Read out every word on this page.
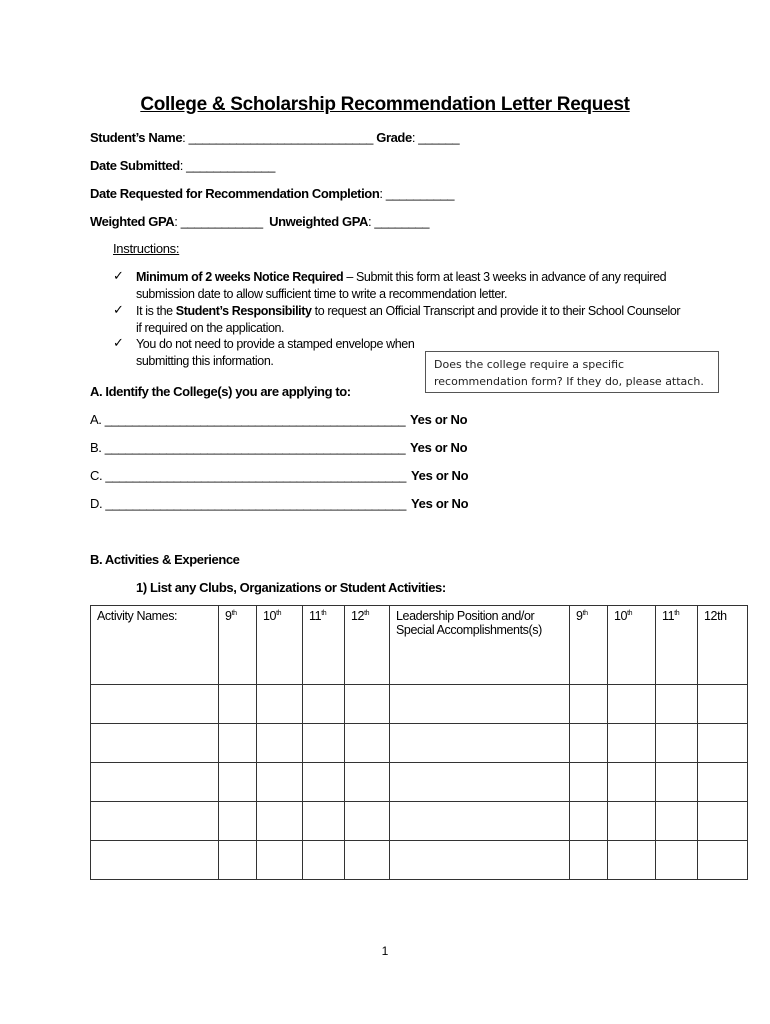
College & Scholarship Recommendation Letter Request
Student’s Name: ___________________________ Grade: ______
Date Submitted: _____________
Date Requested for Recommendation Completion: __________
Weighted GPA: ____________ Unweighted GPA: ________
Instructions:
✓ Minimum of 2 weeks Notice Required – Submit this form at least 3 weeks in advance of any required
submission date to allow sufficient time to write a recommendation letter.
✓ It is the Student’s Responsibility to request an Official Transcript and provide it to their School Counselor
if required on the application.
✓ You do not need to provide a stamped envelope when
submitting this information.	Does the college require a specific recommendation form? If they do, please attach.
A. Identify the College(s) you are applying to:
A. ____________________________________________ Yes or No
B. ____________________________________________ Yes or No
C. ____________________________________________ Yes or No
D. ____________________________________________ Yes or No
B. Activities & Experience
1) List any Clubs, Organizations or Student Activities:
Activity Names:	9th	10th	11th	12th	Leadership Position and/or
Special Accomplishments(s)	9th	10th	11th	12th

1
